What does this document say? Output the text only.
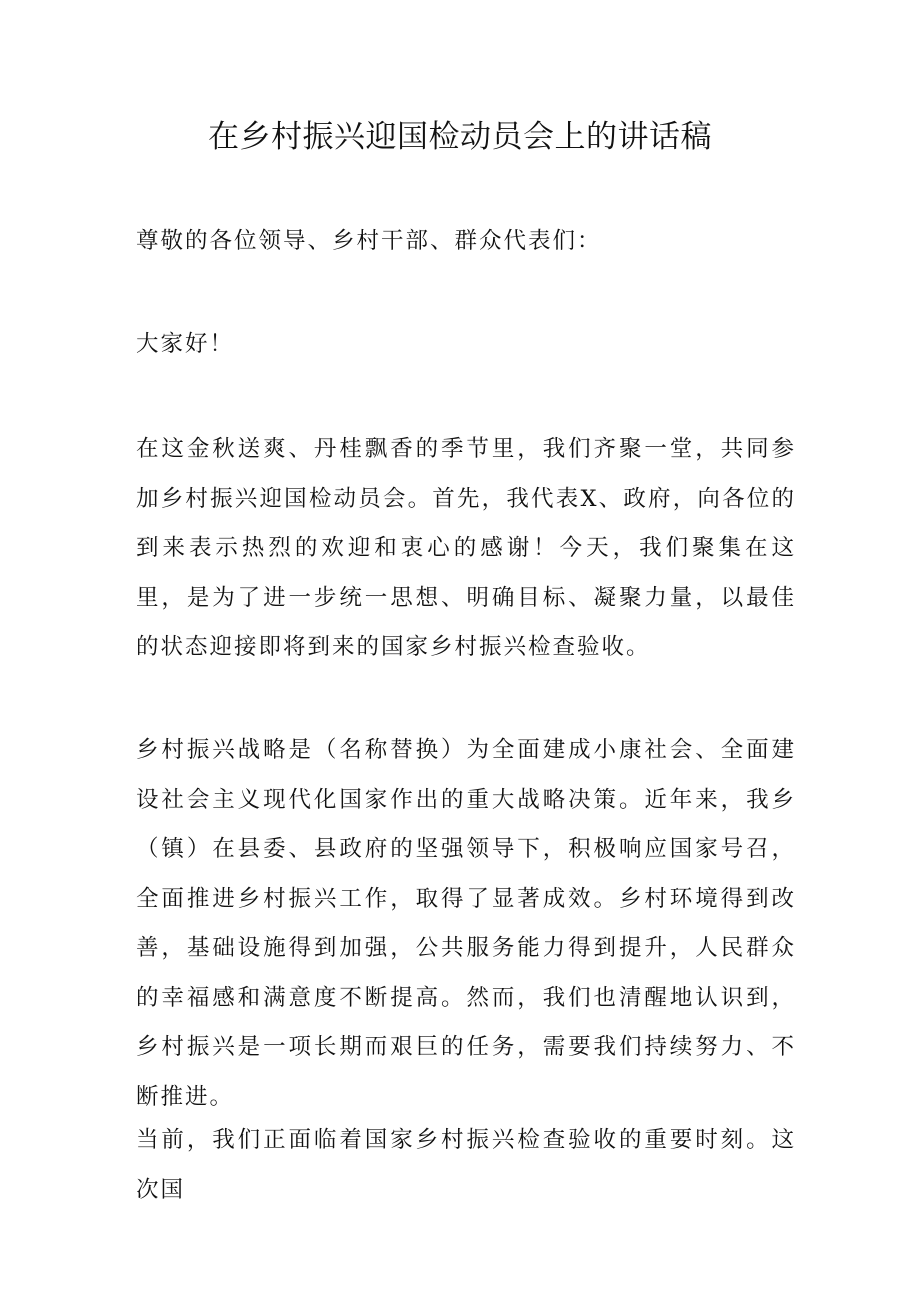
在乡村振兴迎国检动员会上的讲话稿

尊敬的各位领导、乡村干部、群众代表们：

大家好！

在这金秋送爽、丹桂飘香的季节里，我们齐聚一堂，共同参加乡村振兴迎国检动员会。首先，我代表X、政府，向各位的到来表示热烈的欢迎和衷心的感谢！今天，我们聚集在这里，是为了进一步统一思想、明确目标、凝聚力量，以最佳的状态迎接即将到来的国家乡村振兴检查验收。

乡村振兴战略是（名称替换）为全面建成小康社会、全面建设社会主义现代化国家作出的重大战略决策。近年来，我乡（镇）在县委、县政府的坚强领导下，积极响应国家号召，全面推进乡村振兴工作，取得了显著成效。乡村环境得到改善，基础设施得到加强，公共服务能力得到提升，人民群众的幸福感和满意度不断提高。然而，我们也清醒地认识到，乡村振兴是一项长期而艰巨的任务，需要我们持续努力、不断推进。

当前，我们正面临着国家乡村振兴检查验收的重要时刻。这次国
